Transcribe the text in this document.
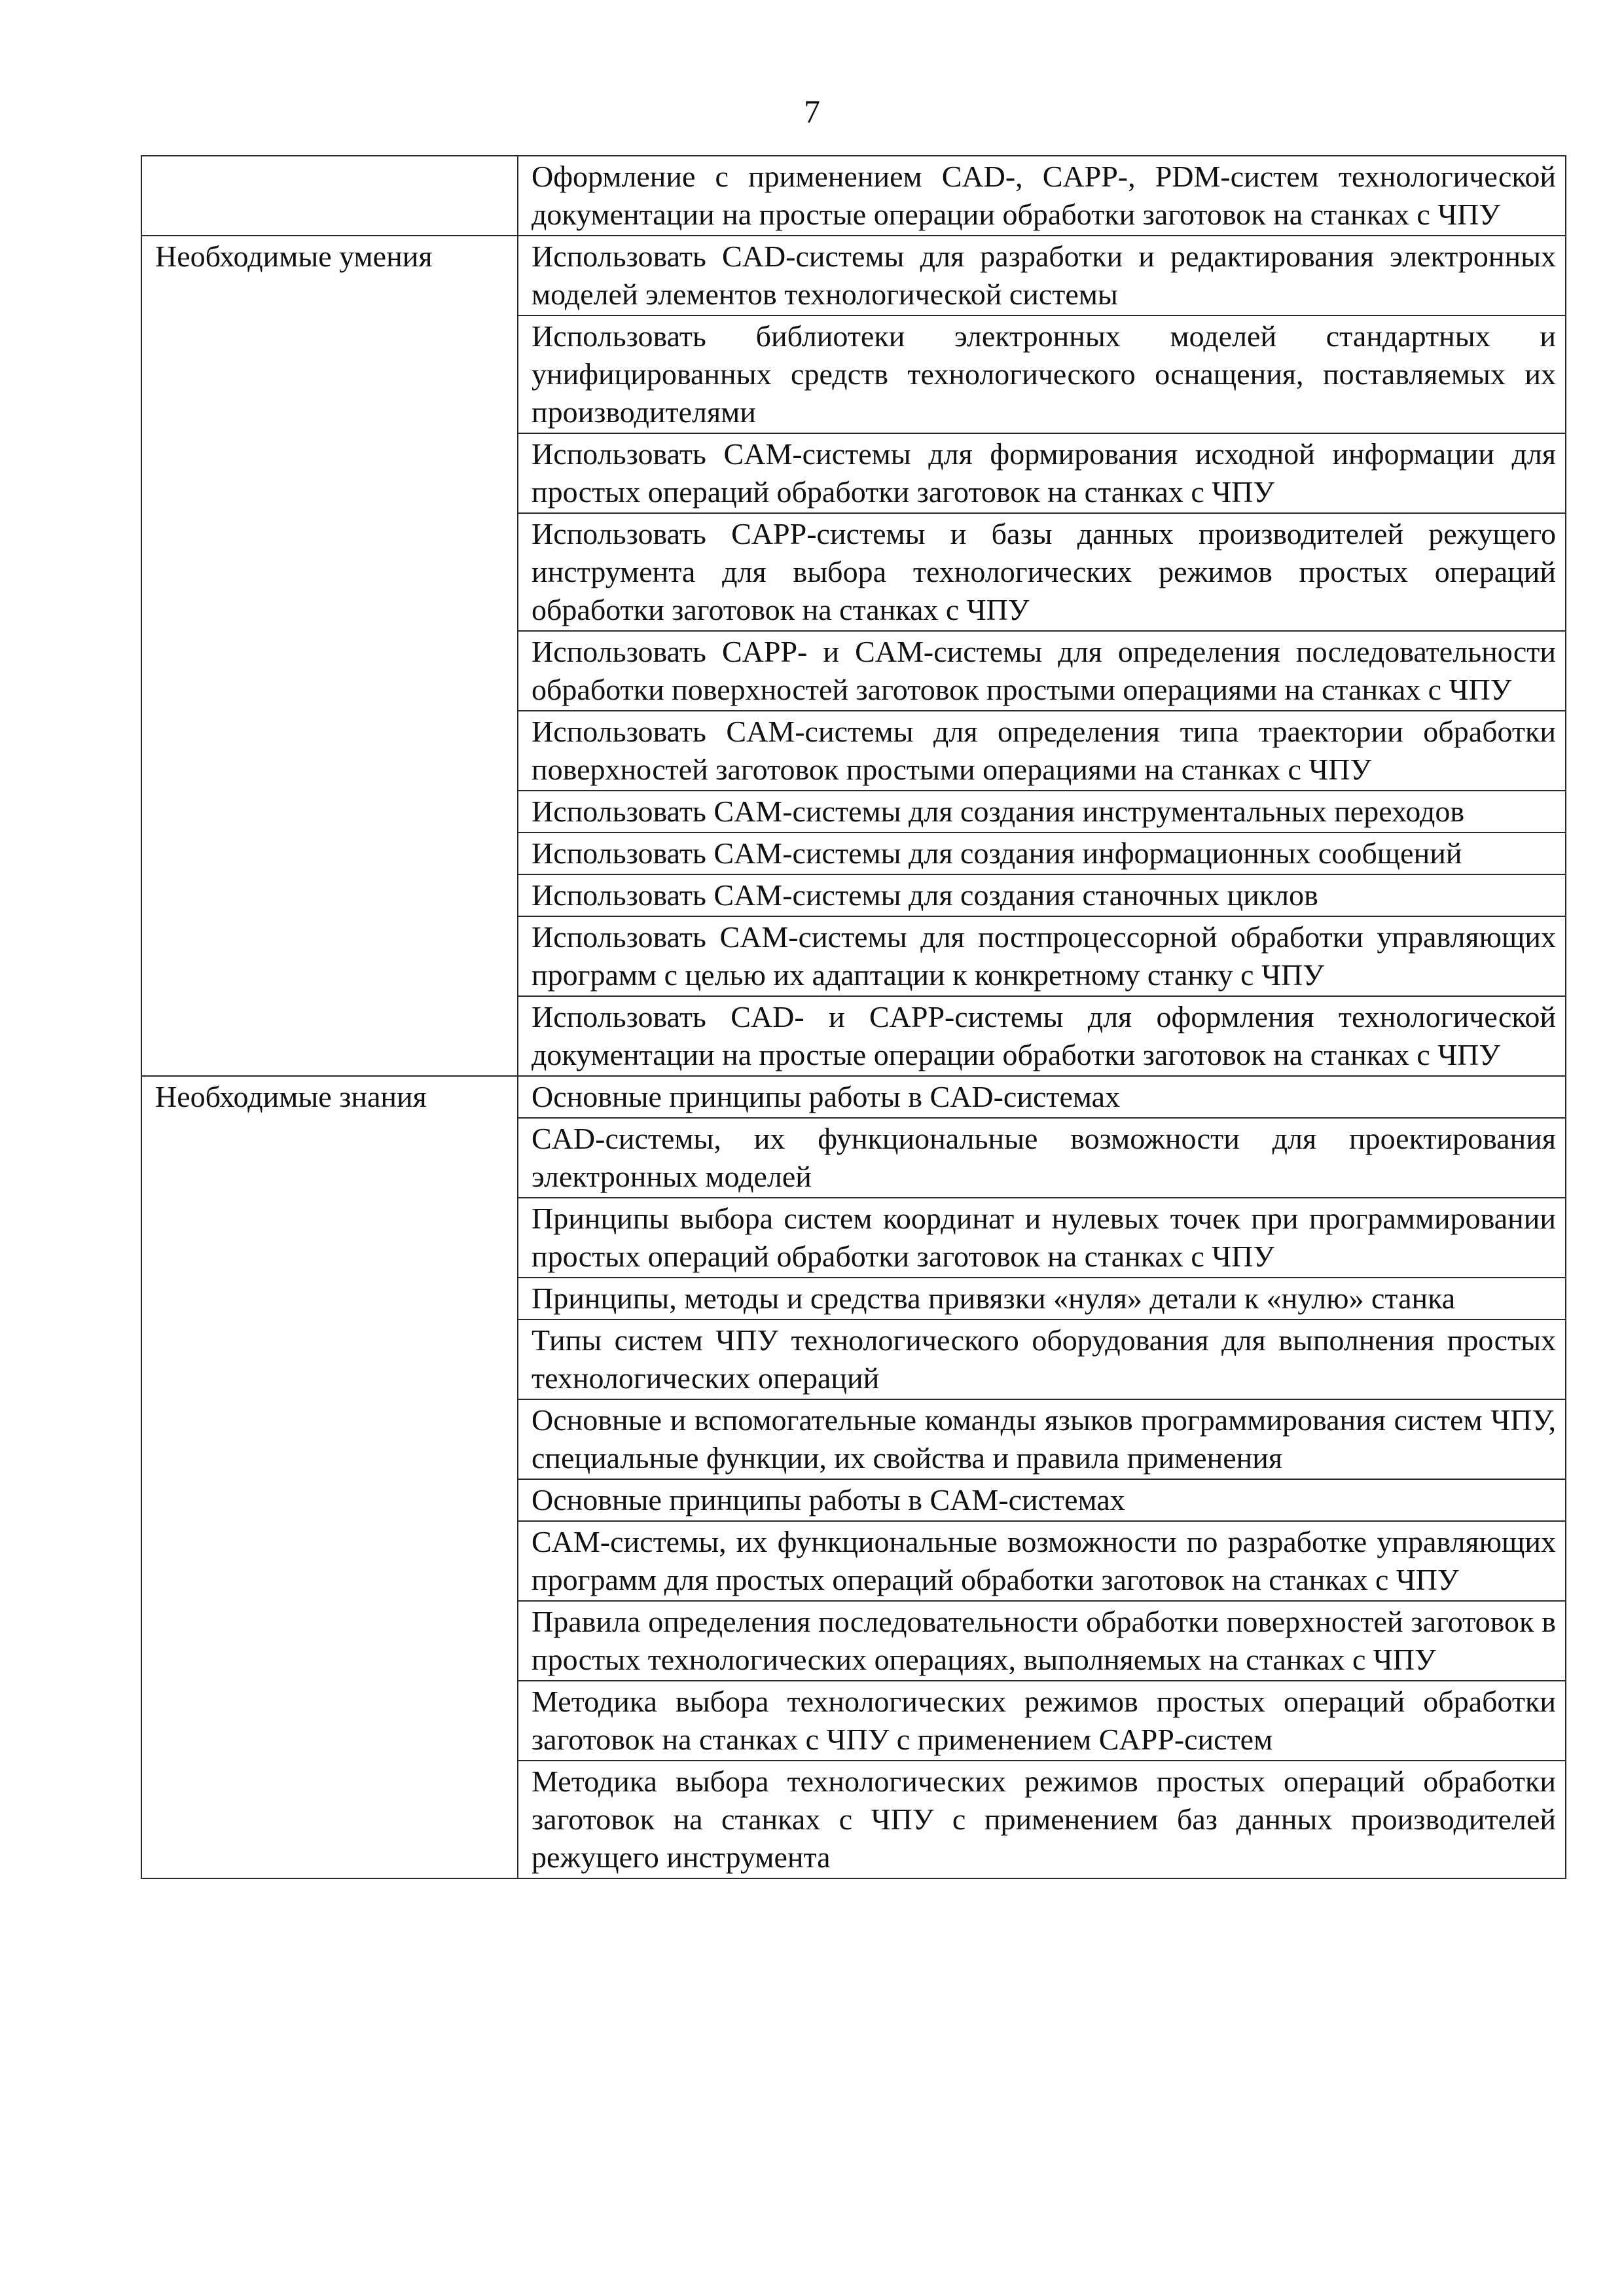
7
	Оформление с применением CAD-, CAPP-, PDM-систем технологической документации на простые операции обработки заготовок на станках с ЧПУ
Необходимые умения	Использовать CAD-системы для разработки и редактирования электронных моделей элементов технологической системы
	Использовать библиотеки электронных моделей стандартных и унифицированных средств технологического оснащения, поставляемых их производителями
	Использовать CAM-системы для формирования исходной информации для простых операций обработки заготовок на станках с ЧПУ
	Использовать CAPP-системы и базы данных производителей режущего инструмента для выбора технологических режимов простых операций обработки заготовок на станках с ЧПУ
	Использовать CAPP- и CAM-системы для определения последовательности обработки поверхностей заготовок простыми операциями на станках с ЧПУ
	Использовать CAM-системы для определения типа траектории обработки поверхностей заготовок простыми операциями на станках с ЧПУ
	Использовать CAM-системы для создания инструментальных переходов
	Использовать CAM-системы для создания информационных сообщений
	Использовать CAM-системы для создания станочных циклов
	Использовать CAM-системы для постпроцессорной обработки управляющих программ с целью их адаптации к конкретному станку с ЧПУ
	Использовать CAD- и CAPP-системы для оформления технологической документации на простые операции обработки заготовок на станках с ЧПУ
Необходимые знания	Основные принципы работы в CAD-системах
	CAD-системы, их функциональные возможности для проектирования электронных моделей
	Принципы выбора систем координат и нулевых точек при программировании простых операций обработки заготовок на станках с ЧПУ
	Принципы, методы и средства привязки «нуля» детали к «нулю» станка
	Типы систем ЧПУ технологического оборудования для выполнения простых технологических операций
	Основные и вспомогательные команды языков программирования систем ЧПУ, специальные функции, их свойства и правила применения
	Основные принципы работы в CAM-системах
	CAM-системы, их функциональные возможности по разработке управляющих программ для простых операций обработки заготовок на станках с ЧПУ
	Правила определения последовательности обработки поверхностей заготовок в простых технологических операциях, выполняемых на станках с ЧПУ
	Методика выбора технологических режимов простых операций обработки заготовок на станках с ЧПУ с применением CAPP-систем
	Методика выбора технологических режимов простых операций обработки заготовок на станках с ЧПУ с применением баз данных производителей режущего инструмента
